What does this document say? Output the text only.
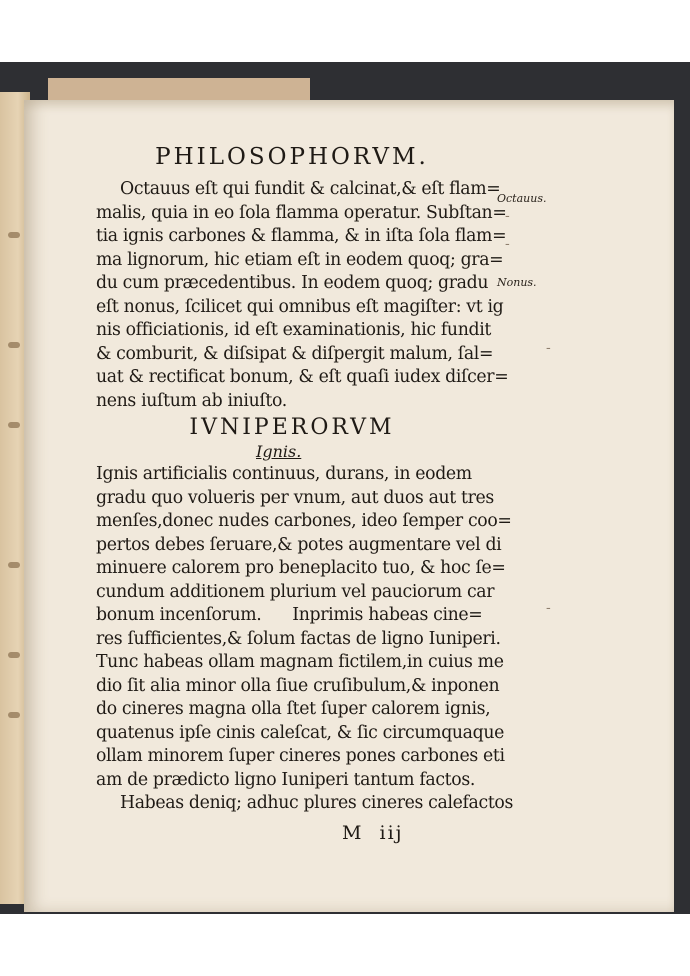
PHILOSOPHORVM.
Octauus eſt qui fundit & calcinat,& eſt flam=
malis, quia in eo ſola flamma operatur. Subſtan=
tia ignis carbones & flamma, & in iſta ſola flam=
ma lignorum, hic etiam eſt in eodem quoq; gra=
du cum præcedentibus. In eodem quoq; gradu
eſt nonus, ſcilicet qui omnibus eſt magiſter: vt ig
nis officiationis, id eſt examinationis, hic fundit
& comburit, & diſsipat & diſpergit malum, ſal=
uat & rectificat bonum, & eſt quaſi iudex diſcer=
nens iuſtum ab iniuſto.
IVNIPERORVM
Ignis.
Ignis artificialis continuus, durans, in eodem
gradu quo volueris per vnum, aut duos aut tres
menſes,donec nudes carbones, ideo ſemper coo=
pertos debes ſeruare,& potes augmentare vel di
minuere calorem pro beneplacito tuo, & hoc ſe=
cundum additionem plurium vel pauciorum car
bonum incenſorum.      Inprimis habeas cine=
res ſufficientes,& ſolum factas de ligno Iuniperi.
Tunc habeas ollam magnam fictilem,in cuius me
dio ſit alia minor olla ſiue cruſibulum,& inponen
do cineres magna olla ſtet ſuper calorem ignis,
quatenus ipſe cinis caleſcat, & ſic circumquaque
ollam minorem ſuper cineres pones carbones eti
am de prædicto ligno Iuniperi tantum factos.
Habeas deniq; adhuc plures cineres calefactos
M  iij
Octauus.
Nonus.
-
-
-
-
